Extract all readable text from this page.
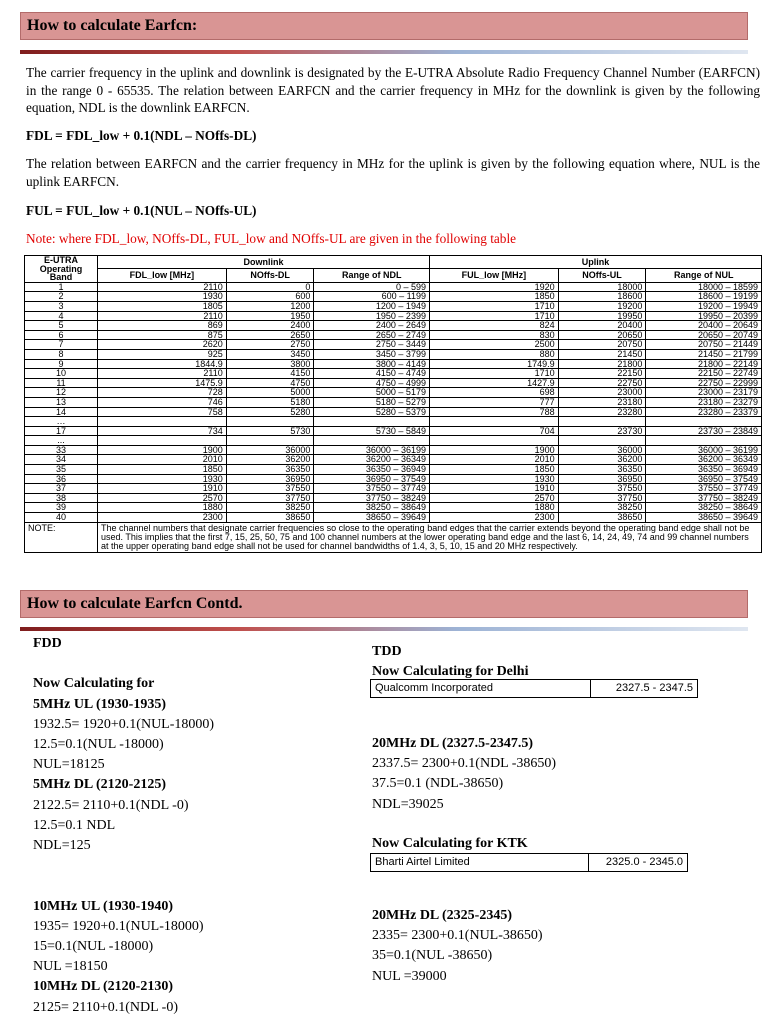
How to calculate Earfcn:

The carrier frequency in the uplink and downlink is designated by the E-UTRA Absolute Radio Frequency Channel Number (EARFCN) in the range 0 - 65535. The relation between EARFCN and the carrier frequency in MHz for the downlink is given by the following equation, NDL is the downlink EARFCN.

FDL = FDL_low + 0.1(NDL – NOffs-DL)

The relation between EARFCN and the carrier frequency in MHz for the uplink is given by the following equation where, NUL is the uplink EARFCN.

FUL = FUL_low + 0.1(NUL – NOffs-UL)

Note: where FDL_low, NOffs-DL, FUL_low and NOffs-UL are given in the following table

E-UTRA Operating Band	Downlink			Uplink		
	FDL_low [MHz]	NOffs-DL	Range of NDL	FUL_low [MHz]	NOffs-UL	Range of NUL
1	2110	0	0 – 599	1920	18000	18000 – 18599
2	1930	600	600 – 1199	1850	18600	18600 – 19199
3	1805	1200	1200 – 1949	1710	19200	19200 – 19949
4	2110	1950	1950 – 2399	1710	19950	19950 – 20399
5	869	2400	2400 – 2649	824	20400	20400 – 20649
6	875	2650	2650 – 2749	830	20650	20650 – 20749
7	2620	2750	2750 – 3449	2500	20750	20750 – 21449
8	925	3450	3450 – 3799	880	21450	21450 – 21799
9	1844.9	3800	3800 – 4149	1749.9	21800	21800 – 22149
10	2110	4150	4150 – 4749	1710	22150	22150 – 22749
11	1475.9	4750	4750 – 4999	1427.9	22750	22750 – 22999
12	728	5000	5000 – 5179	698	23000	23000 – 23179
13	746	5180	5180 – 5279	777	23180	23180 – 23279
14	758	5280	5280 – 5379	788	23280	23280 – 23379
…						
17	734	5730	5730 – 5849	704	23730	23730 – 23849
...						
33	1900	36000	36000 – 36199	1900	36000	36000 – 36199
34	2010	36200	36200 – 36349	2010	36200	36200 – 36349
35	1850	36350	36350 – 36949	1850	36350	36350 – 36949
36	1930	36950	36950 – 37549	1930	36950	36950 – 37549
37	1910	37550	37550 – 37749	1910	37550	37550 – 37749
38	2570	37750	37750 – 38249	2570	37750	37750 – 38249
39	1880	38250	38250 – 38649	1880	38250	38250 – 38649
40	2300	38650	38650 – 39649	2300	38650	38650 – 39649
NOTE:	The channel numbers that designate carrier frequencies so close to the operating band edges that the carrier extends beyond the operating band edge shall not be used. This implies that the first 7, 15, 25, 50, 75 and 100 channel numbers at the lower operating band edge and the last 6, 14, 24, 49, 74 and 99 channel numbers at the upper operating band edge shall not be used for channel bandwidths of 1.4, 3, 5, 10, 15 and 20 MHz respectively.					
How to calculate Earfcn Contd.

FDD

Now Calculating for

5MHz UL (1930-1935)

1932.5= 1920+0.1(NUL-18000)

12.5=0.1(NUL -18000)

NUL=18125

5MHz DL (2120-2125)

2122.5= 2110+0.1(NDL -0)

12.5=0.1 NDL

NDL=125

10MHz UL (1930-1940)

1935= 1920+0.1(NUL-18000)

15=0.1(NUL -18000)

NUL =18150

10MHz DL (2120-2130)

2125= 2110+0.1(NDL -0)

TDD

Now Calculating for Delhi

Qualcomm Incorporated	2327.5 - 2347.5

20MHz DL (2327.5-2347.5)

2337.5= 2300+0.1(NDL -38650)

37.5=0.1 (NDL-38650)

NDL=39025

Now Calculating for KTK

Bharti Airtel Limited	2325.0 - 2345.0

20MHz DL (2325-2345)

2335= 2300+0.1(NUL-38650)

35=0.1(NUL -38650)

NUL =39000
